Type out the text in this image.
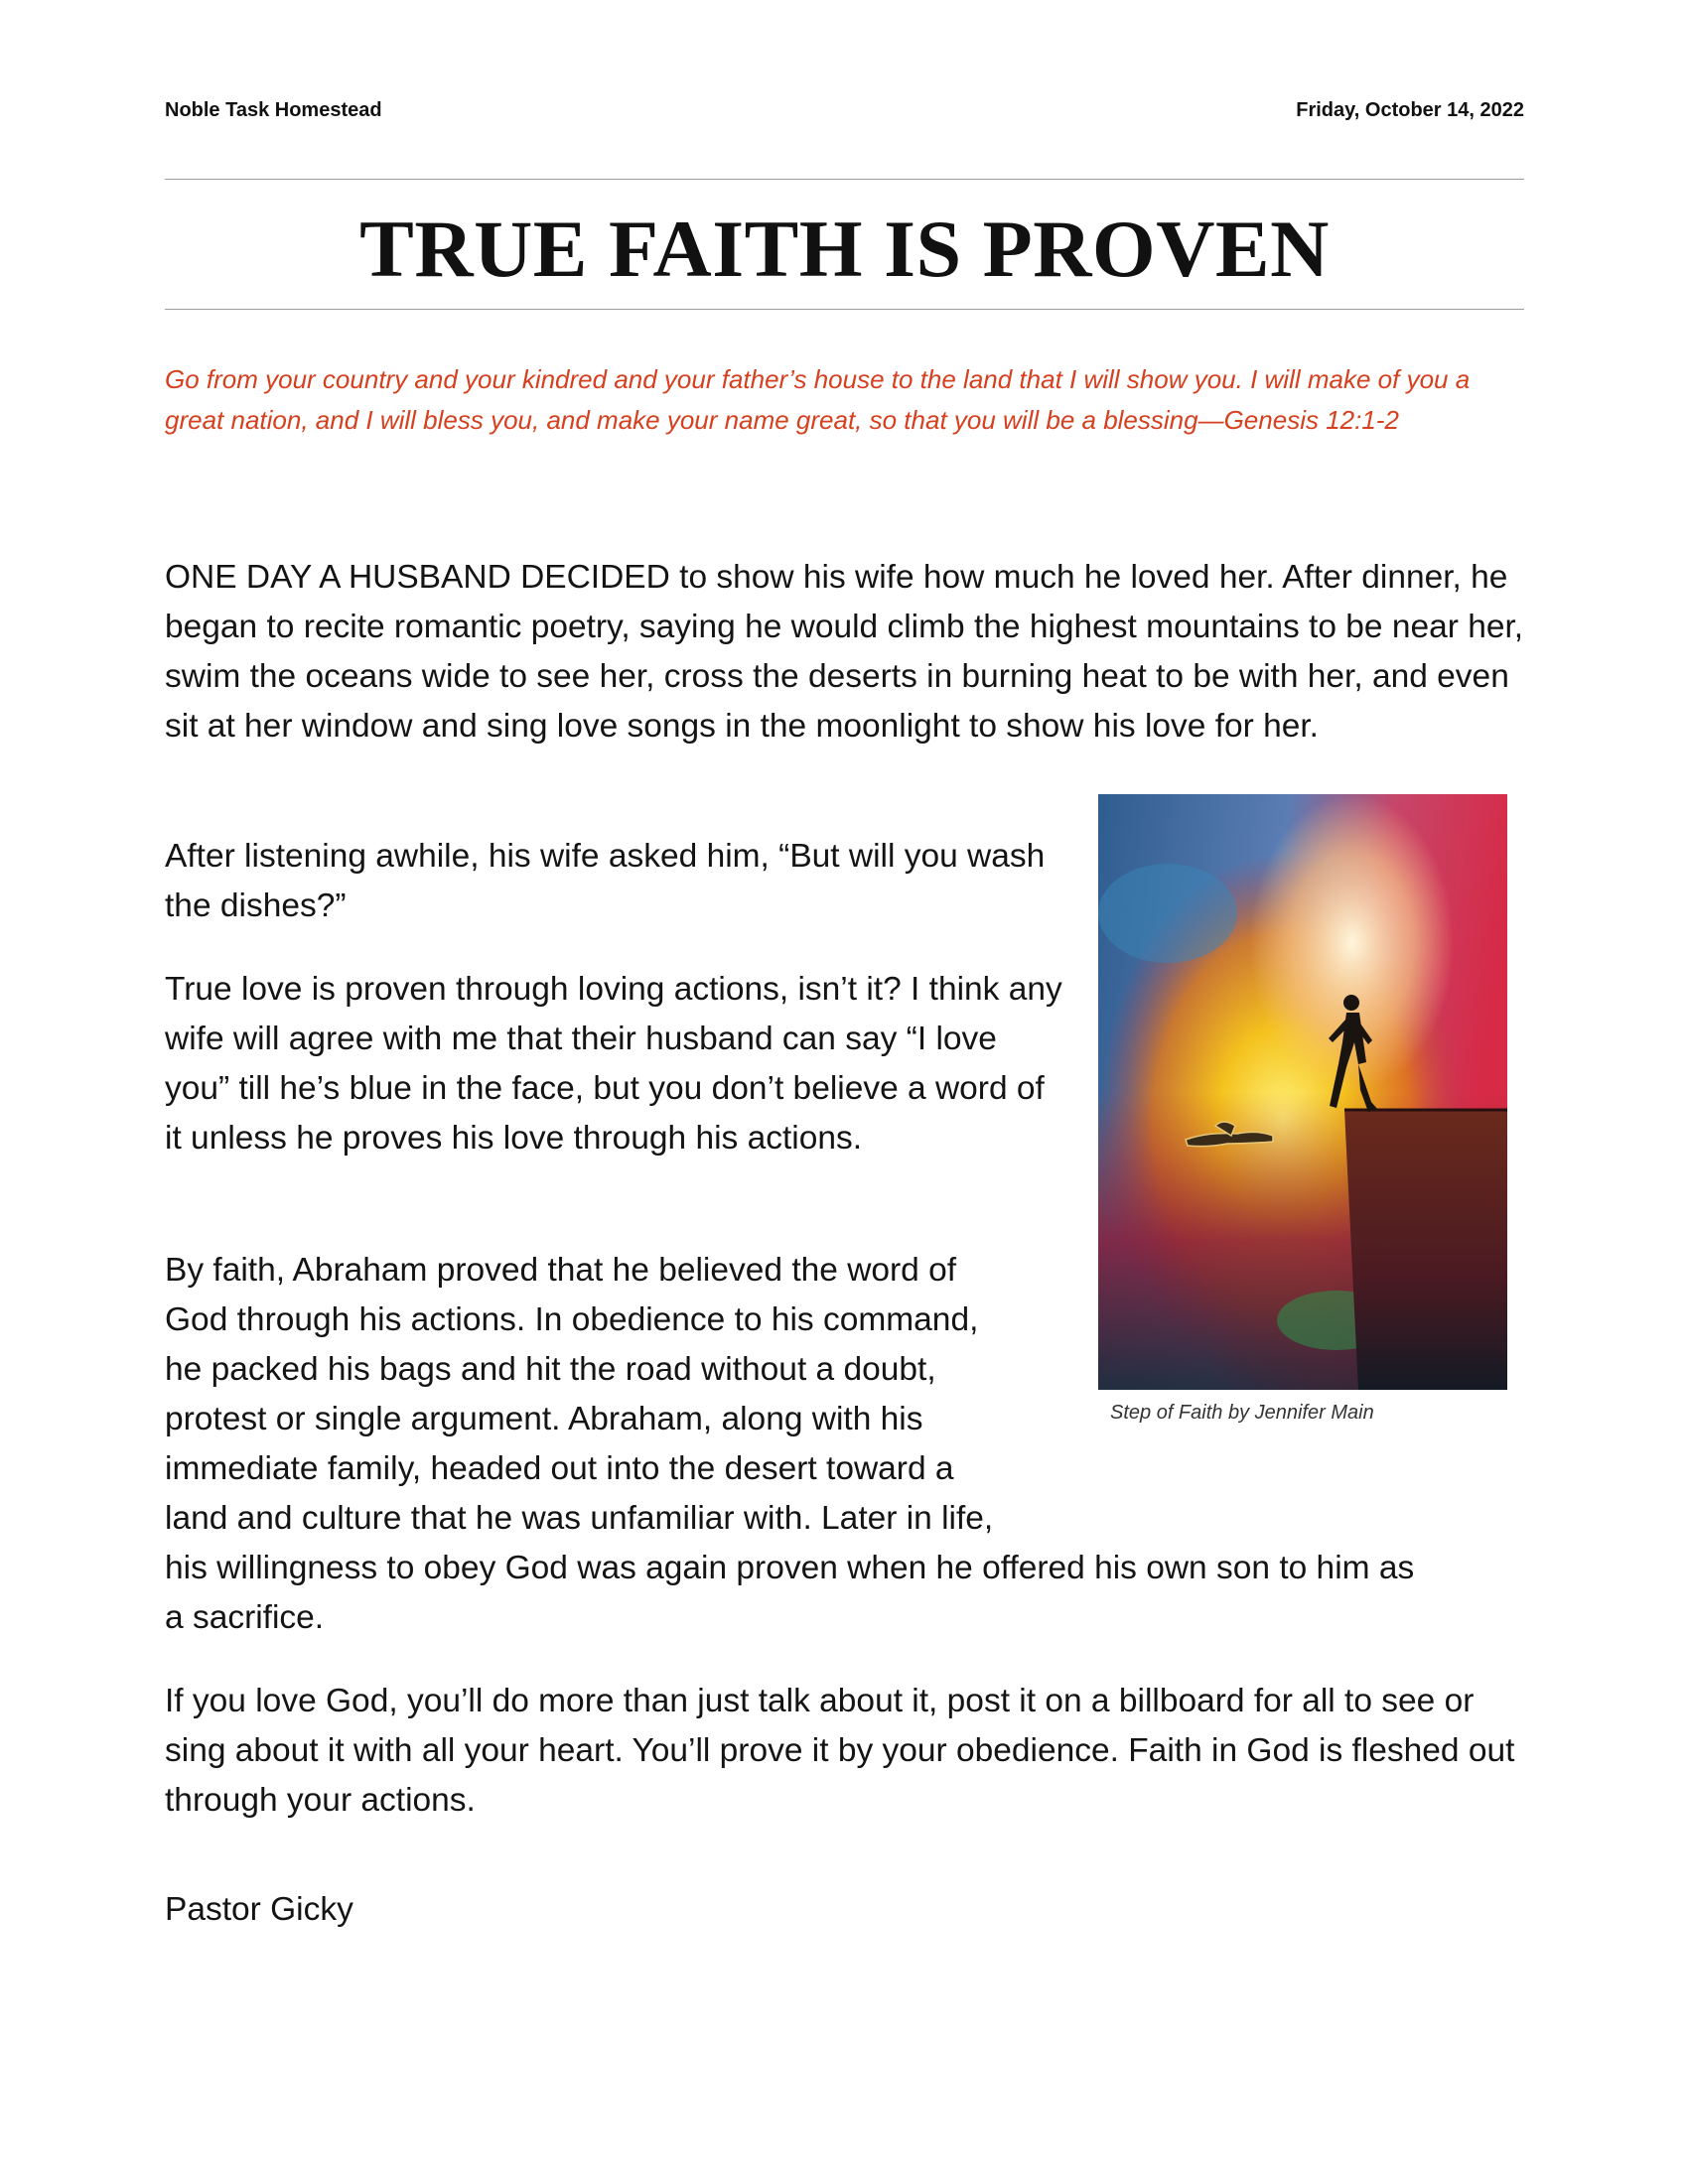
Noble Task Homestead	Friday, October 14, 2022
TRUE FAITH IS PROVEN

Go from your country and your kindred and your father’s house to the land that I will show you. I will make of you a great nation, and I will bless you, and make your name great, so that you will be a blessing—Genesis 12:1-2

ONE DAY A HUSBAND DECIDED to show his wife how much he loved her. After dinner, he began to recite romantic poetry, saying he would climb the highest mountains to be near her, swim the oceans wide to see her, cross the deserts in burning heat to be with her, and even sit at her window and sing love songs in the moonlight to show his love for her.

After listening awhile, his wife asked him, “But will you wash the dishes?”

True love is proven through loving actions, isn’t it? I think any wife will agree with me that their husband can say “I love you” till he’s blue in the face, but you don’t believe a word of it unless he proves his love through his actions.

By faith, Abraham proved that he believed the word of
God through his actions. In obedience to his command,
he packed his bags and hit the road without a doubt,
protest or single argument. Abraham, along with his
immediate family, headed out into the desert toward a
land and culture that he was unfamiliar with. Later in life,
his willingness to obey God was again proven when he offered his own son to him as
a sacrifice.

If you love God, you’ll do more than just talk about it, post it on a billboard for all to see or sing about it with all your heart. You’ll prove it by your obedience. Faith in God is fleshed out through your actions.

Pastor Gicky

Step of Faith by Jennifer Main
